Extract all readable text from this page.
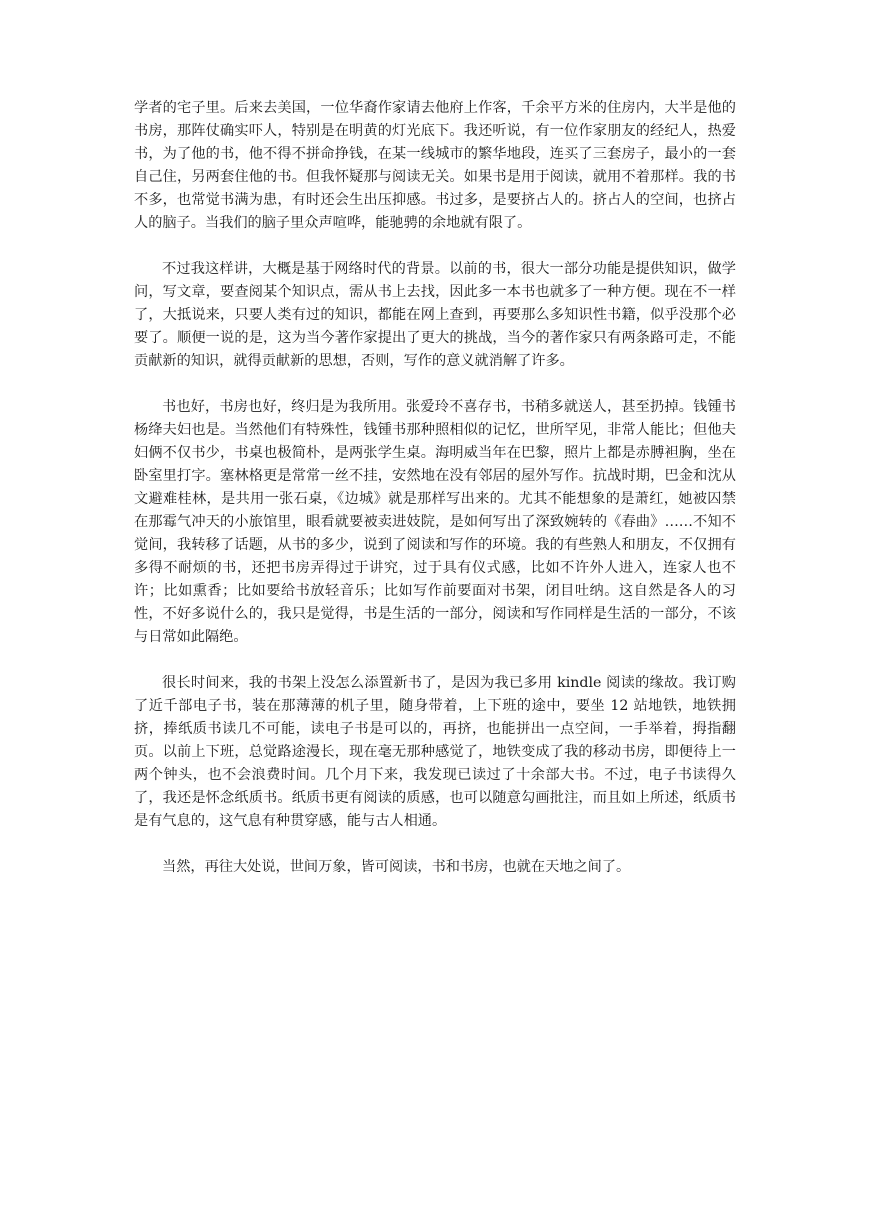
学者的宅子里。后来去美国，一位华裔作家请去他府上作客，千余平方米的住房内，大半是他的书房，那阵仗确实吓人，特别是在明黄的灯光底下。我还听说，有一位作家朋友的经纪人，热爱书，为了他的书，他不得不拼命挣钱，在某一线城市的繁华地段，连买了三套房子，最小的一套自己住，另两套住他的书。但我怀疑那与阅读无关。如果书是用于阅读，就用不着那样。我的书不多，也常觉书满为患，有时还会生出压抑感。书过多，是要挤占人的。挤占人的空间，也挤占人的脑子。当我们的脑子里众声喧哗，能驰骋的余地就有限了。

不过我这样讲，大概是基于网络时代的背景。以前的书，很大一部分功能是提供知识，做学问，写文章，要查阅某个知识点，需从书上去找，因此多一本书也就多了一种方便。现在不一样了，大抵说来，只要人类有过的知识，都能在网上查到，再要那么多知识性书籍，似乎没那个必要了。顺便一说的是，这为当今著作家提出了更大的挑战，当今的著作家只有两条路可走，不能贡献新的知识，就得贡献新的思想，否则，写作的意义就消解了许多。

书也好，书房也好，终归是为我所用。张爱玲不喜存书，书稍多就送人，甚至扔掉。钱锺书杨绛夫妇也是。当然他们有特殊性，钱锺书那种照相似的记忆，世所罕见，非常人能比；但他夫妇俩不仅书少，书桌也极简朴，是两张学生桌。海明威当年在巴黎，照片上都是赤膊袒胸，坐在卧室里打字。塞林格更是常常一丝不挂，安然地在没有邻居的屋外写作。抗战时期，巴金和沈从文避难桂林，是共用一张石桌，《边城》就是那样写出来的。尤其不能想象的是萧红，她被囚禁在那霉气冲天的小旅馆里，眼看就要被卖进妓院，是如何写出了深致婉转的《春曲》……不知不觉间，我转移了话题，从书的多少，说到了阅读和写作的环境。我的有些熟人和朋友，不仅拥有多得不耐烦的书，还把书房弄得过于讲究，过于具有仪式感，比如不许外人进入，连家人也不许；比如熏香；比如要给书放轻音乐；比如写作前要面对书架，闭目吐纳。这自然是各人的习性，不好多说什么的，我只是觉得，书是生活的一部分，阅读和写作同样是生活的一部分，不该与日常如此隔绝。

很长时间来，我的书架上没怎么添置新书了，是因为我已多用 kindle 阅读的缘故。我订购了近千部电子书，装在那薄薄的机子里，随身带着，上下班的途中，要坐 12 站地铁，地铁拥挤，捧纸质书读几不可能，读电子书是可以的，再挤，也能拼出一点空间，一手举着，拇指翻页。以前上下班，总觉路途漫长，现在毫无那种感觉了，地铁变成了我的移动书房，即便待上一两个钟头，也不会浪费时间。几个月下来，我发现已读过了十余部大书。不过，电子书读得久了，我还是怀念纸质书。纸质书更有阅读的质感，也可以随意勾画批注，而且如上所述，纸质书是有气息的，这气息有种贯穿感，能与古人相通。

当然，再往大处说，世间万象，皆可阅读，书和书房，也就在天地之间了。
